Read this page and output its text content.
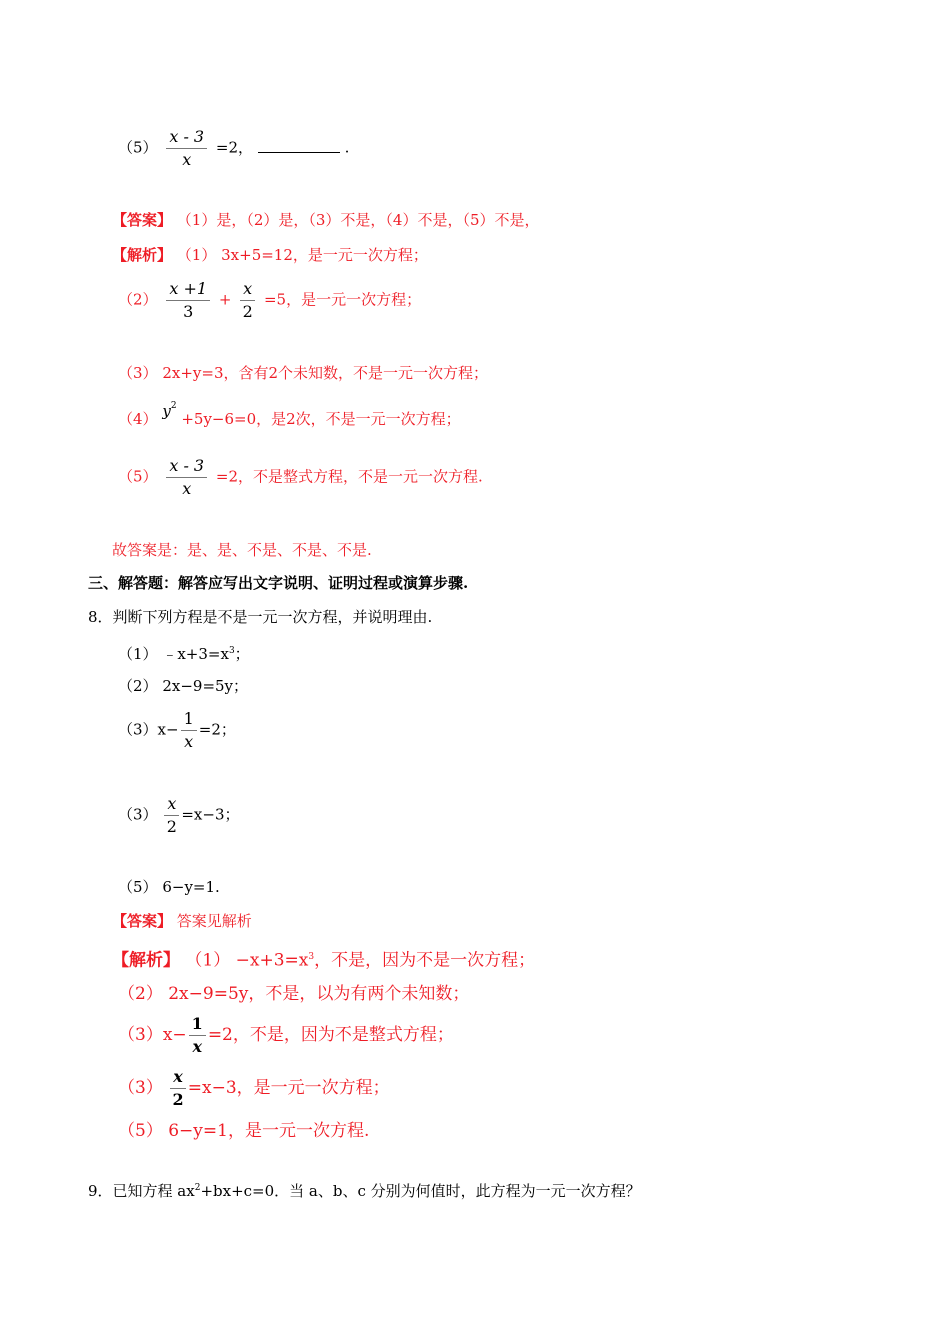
$(5) \frac{x - 3}{x} =2$，	.
【答案】 （1）是，（2）是，（3）不是，（4）不是，（5）不是，
【解析】 （1） 3x+5=12，是一元一次方程；
$(2) \frac{x +1}{3} + \frac{x}{2} =5$，是一元一次方程；
（3） 2x+y=3，含有2个未知数，不是一元一次方程；
（4） $y^2 +5y-6=0$，是2次，不是一元一次方程；
$(5) \frac{x - 3}{x} =2$，不是整式方程，不是一元一次方程.
故答案是：是、是、不是、不是、不是.
三、解答题：解答应写出文字说明、证明过程或演算步骤.
8．判断下列方程是不是一元一次方程，并说明理由.
（1） $﹣x+3=x^3$；
（2） 2x−9=5y；
$(3)x- \frac{1}{x} =2$；
$(3) \frac{x}{2} =x-3$；
（5） 6−y=1.
【答案】 答案见解析
【解析】 $(1) -x+3=x^3$，不是，因为不是一次方程；
（2） 2x−9=5y，不是，以为有两个未知数；
$(3)x- \frac{1}{x} =2$，不是，因为不是整式方程；
$(3) \frac{x}{2} =x-3$，是一元一次方程；
（5） 6−y=1，是一元一次方程.
9．已知方程 $ax^2+bx+c=0$．当 a、b、c 分别为何值时，此方程为一元一次方程？
